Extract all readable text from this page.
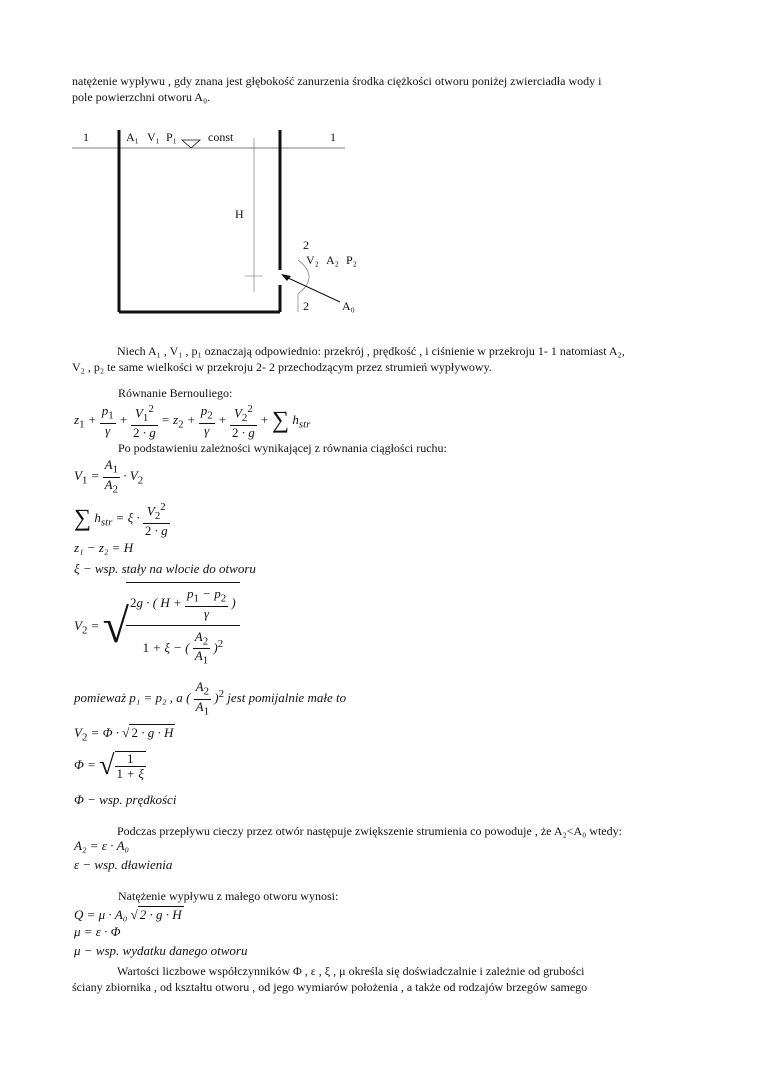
natężenie wypływu , gdy znana jest głębokość zanurzenia środka ciężkości otworu poniżej zwierciadła wody i
pole powierzchni otworu A₀.
1	A₁ V₁ P₁	const	1
H
2
V₂ A₂ P₂
2	A₀
Niech A₁ , V₁ , p₁ oznaczają odpowiednio: przekrój , prędkość , i ciśnienie w przekroju 1- 1 natomiast A₂,
V₂ , p₂ te same wielkości w przekroju 2- 2 przechodzącym przez strumień wypływowy.
Równanie Bernouliego:
$z_1 + \frac{p_1}{\gamma} + \frac{V_1^2}{2 \cdot g} = z_2 + \frac{p_2}{\gamma} + \frac{V_2^2}{2 \cdot g}$ + ∑ $h_{str}$
Po podstawieniu zależności wynikającej z równania ciągłości ruchu:
$V_1 = \frac{A_1}{A_2} \cdot V_2$
∑ $h_{str} = \xi \cdot \frac{V_2^2}{2 \cdot g}$
z₁ − z₂ = H
ξ − wsp. stały na wlocie do otworu
$V_2$ = √
$\frac{2g \cdot ( H + \frac{p_1 - p_2}{\gamma} )}{1 + \xi - ( \frac{A_2}{A_1} )^2}$
pomieważ p₁ = p₂ , a ( $\frac{A_2}{A_1} )^2$ jest pomijalnie małe to
$V_2 = \Phi$ · √ 2 · g · H
Φ = √ $\frac{1}{1 + \xi}$
Φ − wsp. prędkości
Podczas przepływu cieczy przez otwór następuje zwiększenie strumienia co powoduje , że A₂<A₀ wtedy:
A₂ = ε · A₀
ε − wsp. dławienia
Natężenie wypływu z małego otworu wynosi:
Q = μ · A₀ √ 2 · g · H
μ = ε · Φ
μ − wsp. wydatku danego otworu
Wartości liczbowe współczynników Φ , ε , ξ , μ określa się doświadczalnie i zależnie od grubości
ściany zbiornika , od kształtu otworu , od jego wymiarów położenia , a także od rodzajów brzegów samego
